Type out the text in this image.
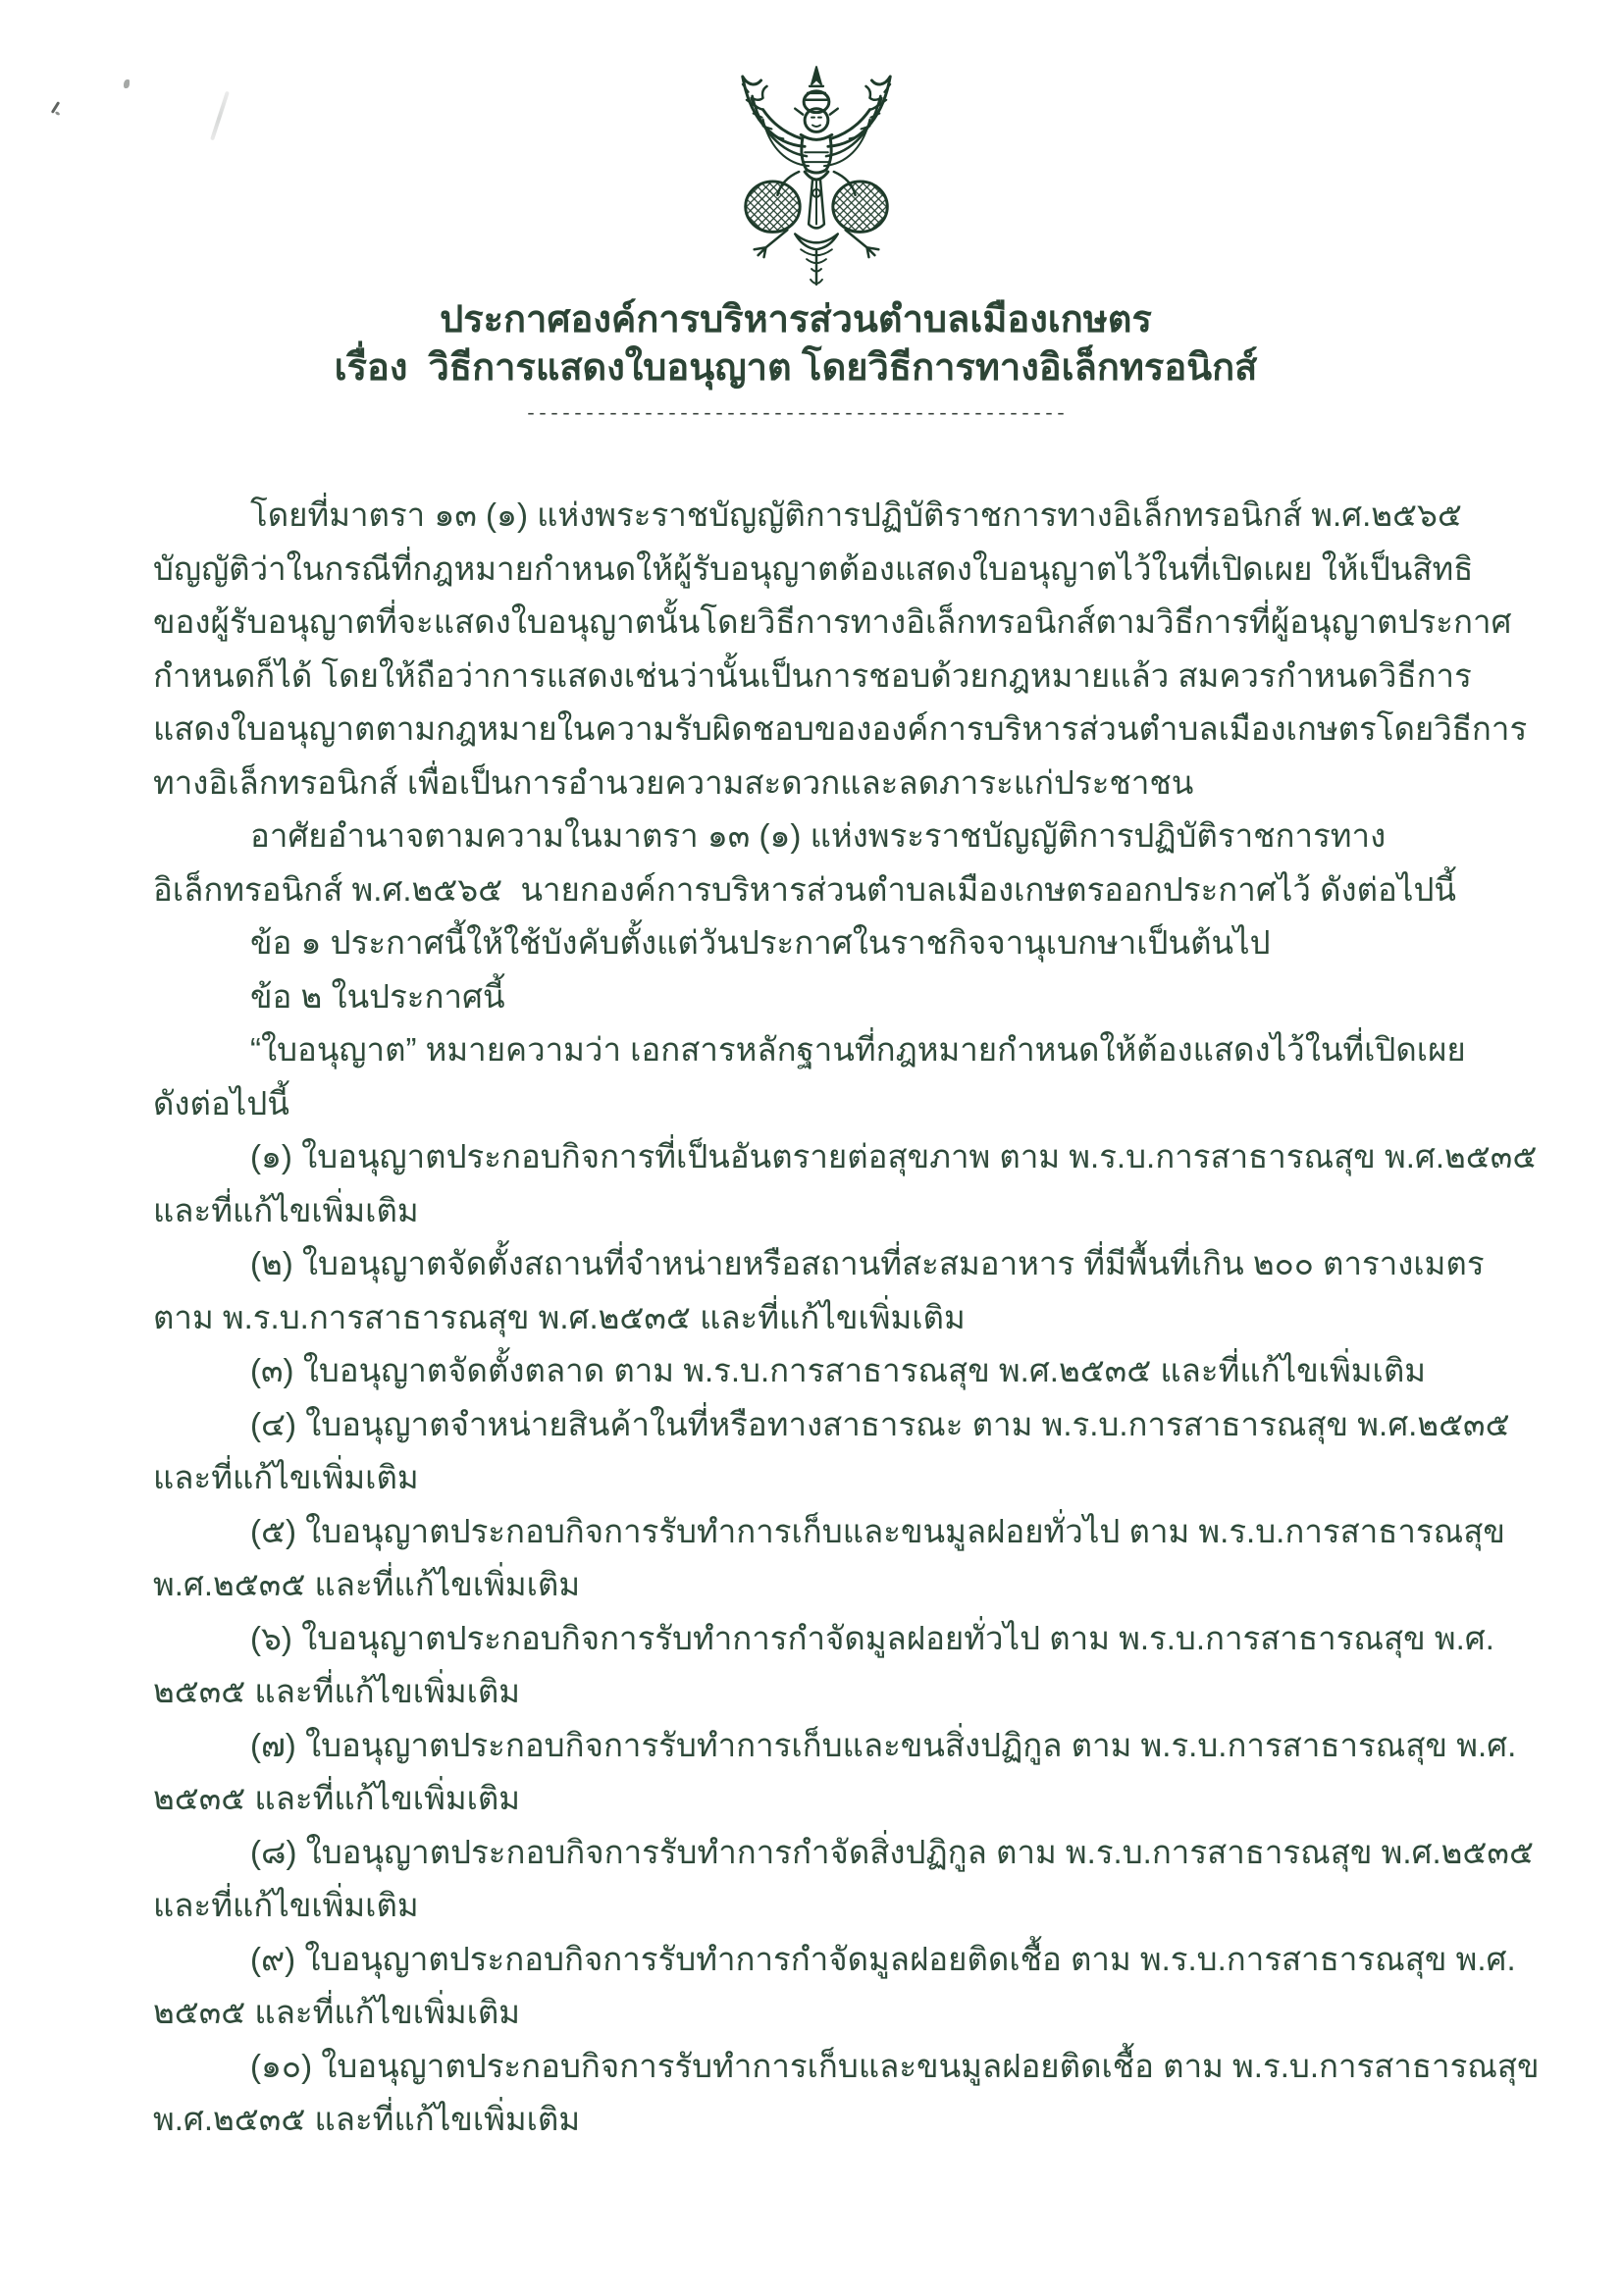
ประกาศองค์การบริหารส่วนตำบลเมืองเกษตร
เรื่อง  วิธีการแสดงใบอนุญาต โดยวิธีการทางอิเล็กทรอนิกส์
----------------------------------------------
โดยที่มาตรา ๑๓ (๑) แห่งพระราชบัญญัติการปฏิบัติราชการทางอิเล็กทรอนิกส์ พ.ศ.๒๕๖๕
บัญญัติว่าในกรณีที่กฎหมายกำหนดให้ผู้รับอนุญาตต้องแสดงใบอนุญาตไว้ในที่เปิดเผย ให้เป็นสิทธิ
ของผู้รับอนุญาตที่จะแสดงใบอนุญาตนั้นโดยวิธีการทางอิเล็กทรอนิกส์ตามวิธีการที่ผู้อนุญาตประกาศ
กำหนดก็ได้ โดยให้ถือว่าการแสดงเช่นว่านั้นเป็นการชอบด้วยกฎหมายแล้ว สมควรกำหนดวิธีการ
แสดงใบอนุญาตตามกฎหมายในความรับผิดชอบขององค์การบริหารส่วนตำบลเมืองเกษตรโดยวิธีการ
ทางอิเล็กทรอนิกส์ เพื่อเป็นการอำนวยความสะดวกและลดภาระแก่ประชาชน
อาศัยอำนาจตามความในมาตรา ๑๓ (๑) แห่งพระราชบัญญัติการปฏิบัติราชการทาง
อิเล็กทรอนิกส์ พ.ศ.๒๕๖๕  นายกองค์การบริหารส่วนตำบลเมืองเกษตรออกประกาศไว้ ดังต่อไปนี้
ข้อ ๑ ประกาศนี้ให้ใช้บังคับตั้งแต่วันประกาศในราชกิจจานุเบกษาเป็นต้นไป
ข้อ ๒ ในประกาศนี้
“ใบอนุญาต” หมายความว่า เอกสารหลักฐานที่กฎหมายกำหนดให้ต้องแสดงไว้ในที่เปิดเผย
ดังต่อไปนี้
(๑) ใบอนุญาตประกอบกิจการที่เป็นอันตรายต่อสุขภาพ ตาม พ.ร.บ.การสาธารณสุข พ.ศ.๒๕๓๕
และที่แก้ไขเพิ่มเติม
(๒) ใบอนุญาตจัดตั้งสถานที่จำหน่ายหรือสถานที่สะสมอาหาร ที่มีพื้นที่เกิน ๒๐๐ ตารางเมตร
ตาม พ.ร.บ.การสาธารณสุข พ.ศ.๒๕๓๕ และที่แก้ไขเพิ่มเติม
(๓) ใบอนุญาตจัดตั้งตลาด ตาม พ.ร.บ.การสาธารณสุข พ.ศ.๒๕๓๕ และที่แก้ไขเพิ่มเติม
(๔) ใบอนุญาตจำหน่ายสินค้าในที่หรือทางสาธารณะ ตาม พ.ร.บ.การสาธารณสุข พ.ศ.๒๕๓๕
และที่แก้ไขเพิ่มเติม
(๕) ใบอนุญาตประกอบกิจการรับทำการเก็บและขนมูลฝอยทั่วไป ตาม พ.ร.บ.การสาธารณสุข
พ.ศ.๒๕๓๕ และที่แก้ไขเพิ่มเติม
(๖) ใบอนุญาตประกอบกิจการรับทำการกำจัดมูลฝอยทั่วไป ตาม พ.ร.บ.การสาธารณสุข พ.ศ.
๒๕๓๕ และที่แก้ไขเพิ่มเติม
(๗) ใบอนุญาตประกอบกิจการรับทำการเก็บและขนสิ่งปฏิกูล ตาม พ.ร.บ.การสาธารณสุข พ.ศ.
๒๕๓๕ และที่แก้ไขเพิ่มเติม
(๘) ใบอนุญาตประกอบกิจการรับทำการกำจัดสิ่งปฏิกูล ตาม พ.ร.บ.การสาธารณสุข พ.ศ.๒๕๓๕
และที่แก้ไขเพิ่มเติม
(๙) ใบอนุญาตประกอบกิจการรับทำการกำจัดมูลฝอยติดเชื้อ ตาม พ.ร.บ.การสาธารณสุข พ.ศ.
๒๕๓๕ และที่แก้ไขเพิ่มเติม
(๑๐) ใบอนุญาตประกอบกิจการรับทำการเก็บและขนมูลฝอยติดเชื้อ ตาม พ.ร.บ.การสาธารณสุข
พ.ศ.๒๕๓๕ และที่แก้ไขเพิ่มเติม
